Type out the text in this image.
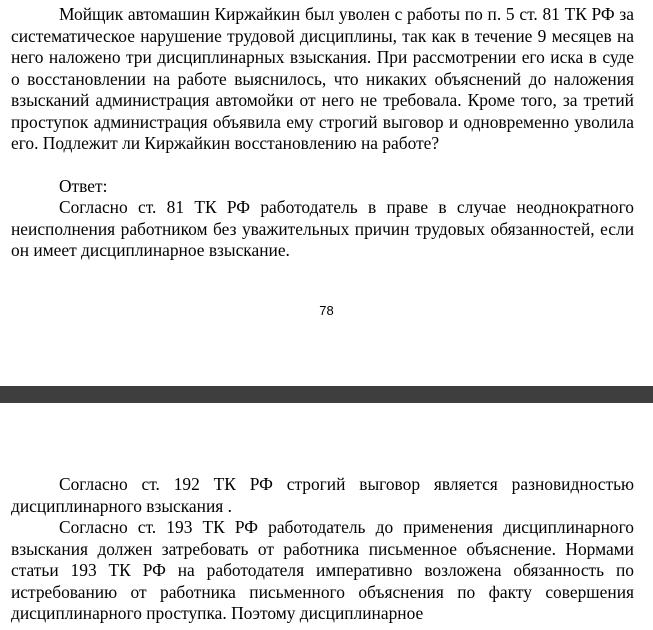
Мойщик автомашин Киржайкин был уволен с работы по п. 5 ст. 81 ТК РФ за систематическое нарушение трудовой дисциплины, так как в течение 9 месяцев на него наложено три дисциплинарных взыскания. При рассмотрении его иска в суде о восстановлении на работе выяснилось, что никаких объяснений до наложения взысканий администрация автомойки от него не требовала. Кроме того, за третий проступок администрация объявила ему строгий выговор и одновременно уволила его. Подлежит ли Киржайкин восстановлению на работе?

Ответ:

Согласно ст. 81 ТК РФ работодатель в праве в случае неоднократного неисполнения работником без уважительных причин трудовых обязанностей, если он имеет дисциплинарное взыскание.

78

Согласно ст. 192 ТК РФ строгий выговор является разновидностью дисциплинарного взыскания .

Согласно ст. 193 ТК РФ работодатель до применения дисциплинарного взыскания должен затребовать от работника письменное объяснение. Нормами статьи 193 ТК РФ на работодателя императивно возложена обязанность по истребованию от работника письменного объяснения по факту совершения дисциплинарного проступка. Поэтому дисциплинарное
